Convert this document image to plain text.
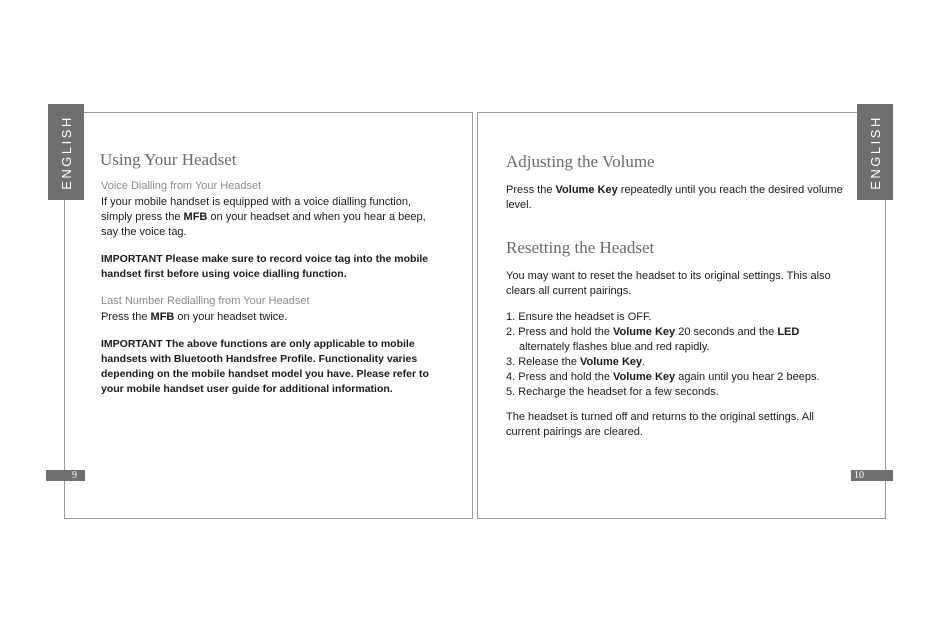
ENGLISH	ENGLISH
9	10
Using Your Headset
Voice Dialling from Your Headset
If your mobile handset is equipped with a voice dialling function,
simply press the MFB on your headset and when you hear a beep,
say the voice tag.
IMPORTANT Please make sure to record voice tag into the mobile
handset first before using voice dialling function.
Last Number Redialling from Your Headset
Press the MFB on your headset twice.
IMPORTANT The above functions are only applicable to mobile
handsets with Bluetooth Handsfree Profile. Functionality varies
depending on the mobile handset model you have. Please refer to
your mobile handset user guide for additional information.
Adjusting the Volume
Press the Volume Key repeatedly until you reach the desired volume
level.
Resetting the Headset
You may want to reset the headset to its original settings. This also
clears all current pairings.
1. Ensure the headset is OFF.
2. Press and hold the Volume Key 20 seconds and the LED alternately flashes blue and red rapidly.
3. Release the Volume Key.
4. Press and hold the Volume Key again until you hear 2 beeps.
5. Recharge the headset for a few seconds.
The headset is turned off and returns to the original settings. All
current pairings are cleared.
